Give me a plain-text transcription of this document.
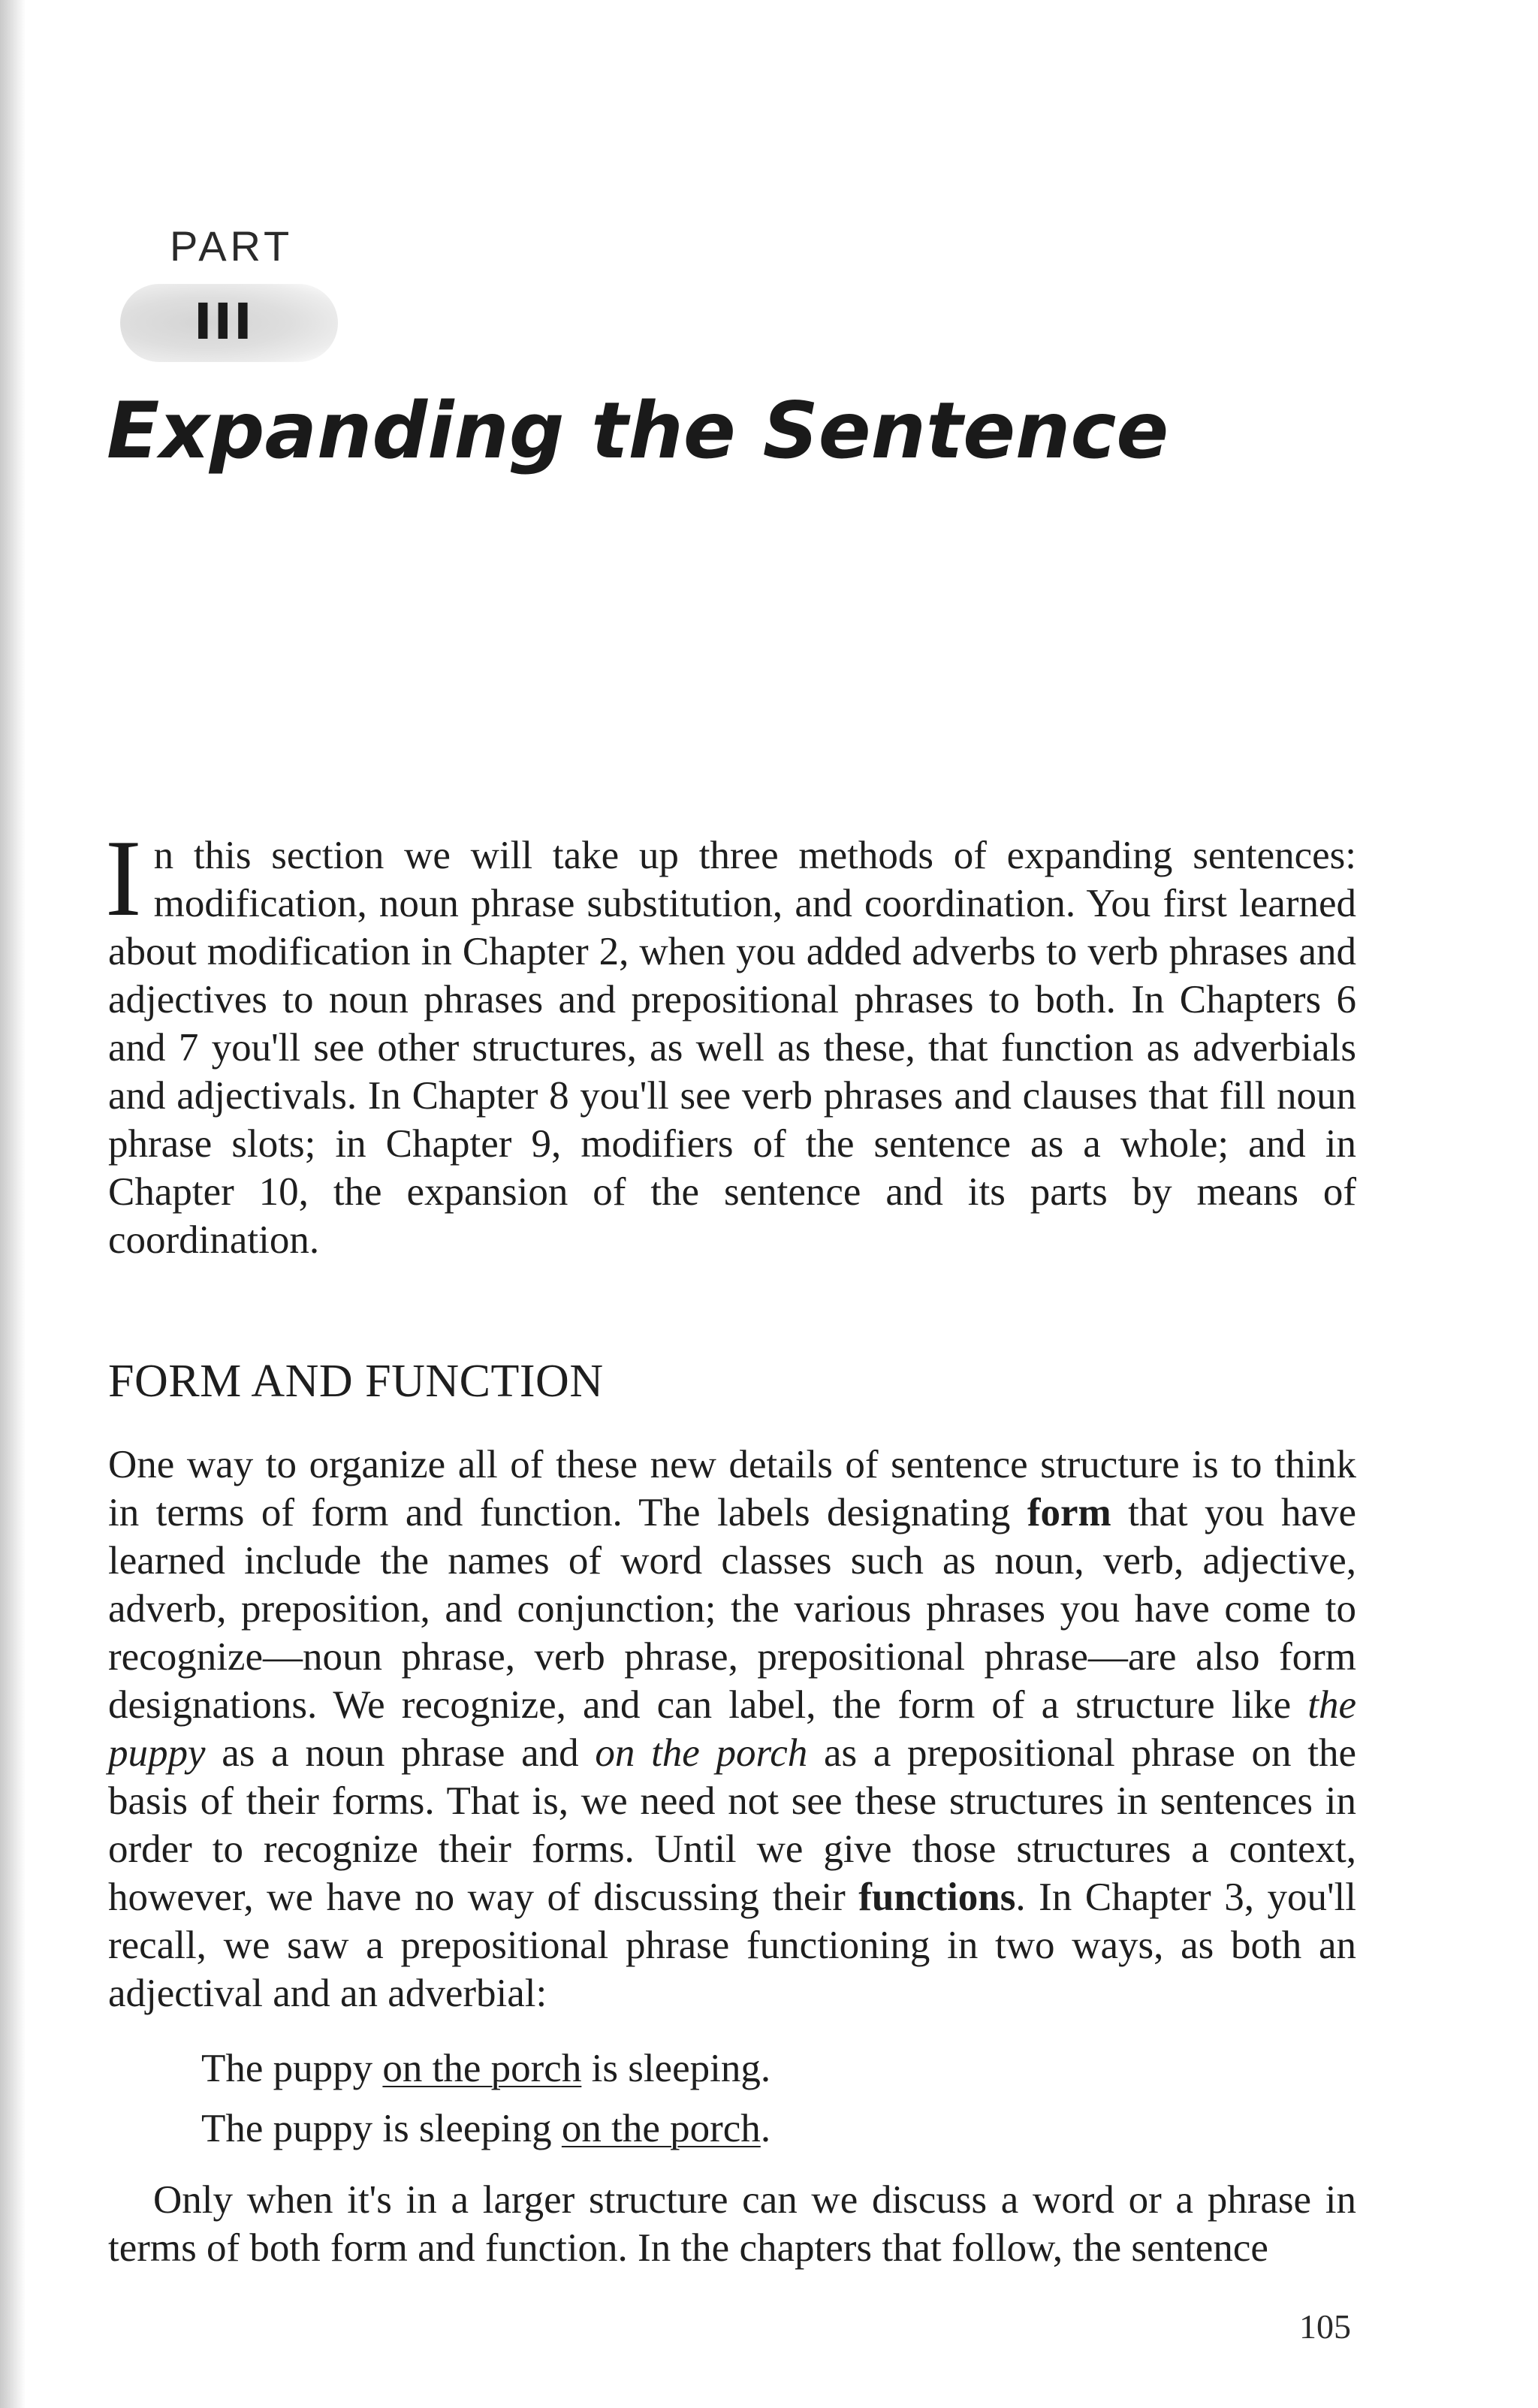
PART
III
Expanding the Sentence

In this section we will take up three methods of expanding sentences: modification, noun phrase substitution, and coordination. You first learned about modification in Chapter 2, when you added adverbs to verb phrases and adjectives to noun phrases and prepositional phrases to both. In Chapters 6 and 7 you'll see other structures, as well as these, that function as adverbials and adjectivals. In Chapter 8 you'll see verb phrases and clauses that fill noun phrase slots; in Chapter 9, modifiers of the sentence as a whole; and in Chapter 10, the expansion of the sentence and its parts by means of coordination.

FORM AND FUNCTION

One way to organize all of these new details of sentence structure is to think in terms of form and function. The labels designating form that you have learned include the names of word classes such as noun, verb, adjective, adverb, preposition, and conjunction; the various phrases you have come to recognize—noun phrase, verb phrase, prepositional phrase—are also form designations. We recognize, and can label, the form of a structure like the puppy as a noun phrase and on the porch as a prepositional phrase on the basis of their forms. That is, we need not see these structures in sentences in order to recognize their forms. Until we give those structures a context, however, we have no way of discussing their functions. In Chapter 3, you'll recall, we saw a prepositional phrase functioning in two ways, as both an adjectival and an adverbial:

The puppy on the porch is sleeping.

The puppy is sleeping on the porch.

Only when it's in a larger structure can we discuss a word or a phrase in terms of both form and function. In the chapters that follow, the sentence

105
